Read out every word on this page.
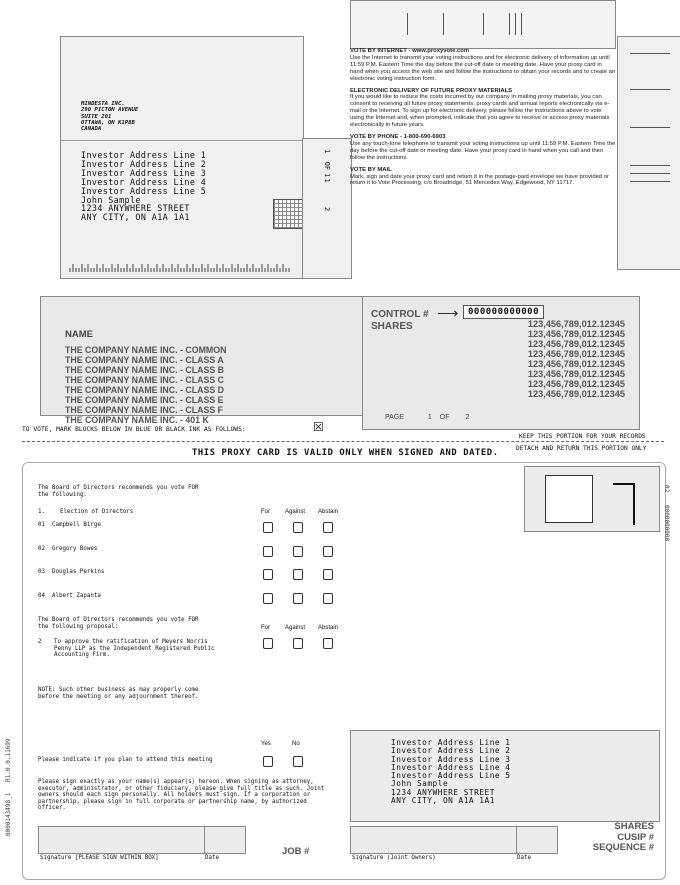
MINDESTA INC.
290 PICTON AVENUE
SUITE 201
OTTAWA, ON K1P8B
CANADA
Investor Address Line 1
Investor Address Line 2
Investor Address Line 3
Investor Address Line 4
Investor Address Line 5
John Sample
1234 ANYWHERE STREET
ANY CITY, ON A1A 1A1
1  OF  1
1
2
VOTE BY INTERNET - www.proxyvote.com
Use the Internet to transmit your voting instructions and for electronic delivery of information up until 11:59 P.M. Eastern Time the day before the cut-off date or meeting date. Have your proxy card in hand when you access the web site and follow the instructions to obtain your records and to create an electronic voting instruction form.
ELECTRONIC DELIVERY OF FUTURE PROXY MATERIALS
If you would like to reduce the costs incurred by our company in mailing proxy materials, you can consent to receiving all future proxy statements, proxy cards and annual reports electronically via e-mail or the Internet. To sign up for electronic delivery, please follow the instructions above to vote using the Internet and, when prompted, indicate that you agree to receive or access proxy materials electronically in future years.
VOTE BY PHONE - 1-800-690-6903
Use any touch-tone telephone to transmit your voting instructions up until 11:59 P.M. Eastern Time the day before the cut-off date or meeting date. Have your proxy card in hand when you call and then follow the instructions.
VOTE BY MAIL
Mark, sign and date your proxy card and return it in the postage-paid envelope we have provided or return it to Vote Processing, c/o Broadridge, 51 Mercedes Way, Edgewood, NY 11717.
NAME
THE COMPANY NAME INC. - COMMON
THE COMPANY NAME INC. - CLASS A
THE COMPANY NAME INC. - CLASS B
THE COMPANY NAME INC. - CLASS C
THE COMPANY NAME INC. - CLASS D
THE COMPANY NAME INC. - CLASS E
THE COMPANY NAME INC. - CLASS F
THE COMPANY NAME INC. - 401 K
CONTROL # ⟶	000000000000
SHARES	123,456,789,012.12345
123,456,789,012.12345
123,456,789,012.12345
123,456,789,012.12345
123,456,789,012.12345
123,456,789,012.12345
123,456,789,012.12345
123,456,789,012.12345
PAGE	1 OF 2
TO VOTE, MARK BLOCKS BELOW IN BLUE OR BLACK INK AS FOLLOWS:	☒
KEEP THIS PORTION FOR YOUR RECORDS
DETACH AND RETURN THIS PORTION ONLY
THIS PROXY CARD IS VALID ONLY WHEN SIGNED AND DATED.
The Board of Directors recommends you vote FOR
the following:
1.	Election of Directors	For	Against Abstain
01 Campbell Birge
02 Gregory Bowes
03 Douglas Perkins
04 Albert Zapanta
The Board of Directors recommends you vote FOR
the following proposal:	For	Against Abstain
2 To approve the ratification of Meyers Norris
Penny LLP as the Independent Registered Public
Accounting Firm.
NOTE: Such other business as may properly come
before the meeting or any adjournment thereof.
Yes	No
Please indicate if you plan to attend this meeting
Please sign exactly as your name(s) appear(s) hereon. When signing as attorney, executor, administrator, or other fiduciary, please give full title as such. Joint owners should each sign personally. All holders must sign. If a corporation or partnership, please sign in full corporate or partnership name, by authorized officer.
Investor Address Line 1
Investor Address Line 2
Investor Address Line 3
Investor Address Line 4
Investor Address Line 5
John Sample
1234 ANYWHERE STREET
ANY CITY, ON A1A 1A1
Signature [PLEASE SIGN WITHIN BOX]	Date
JOB #
Signature (Joint Owners)	Date
SHARES
CUSIP #
SEQUENCE #
0000143498_1   R1.0.0.11699
02
0000000000
